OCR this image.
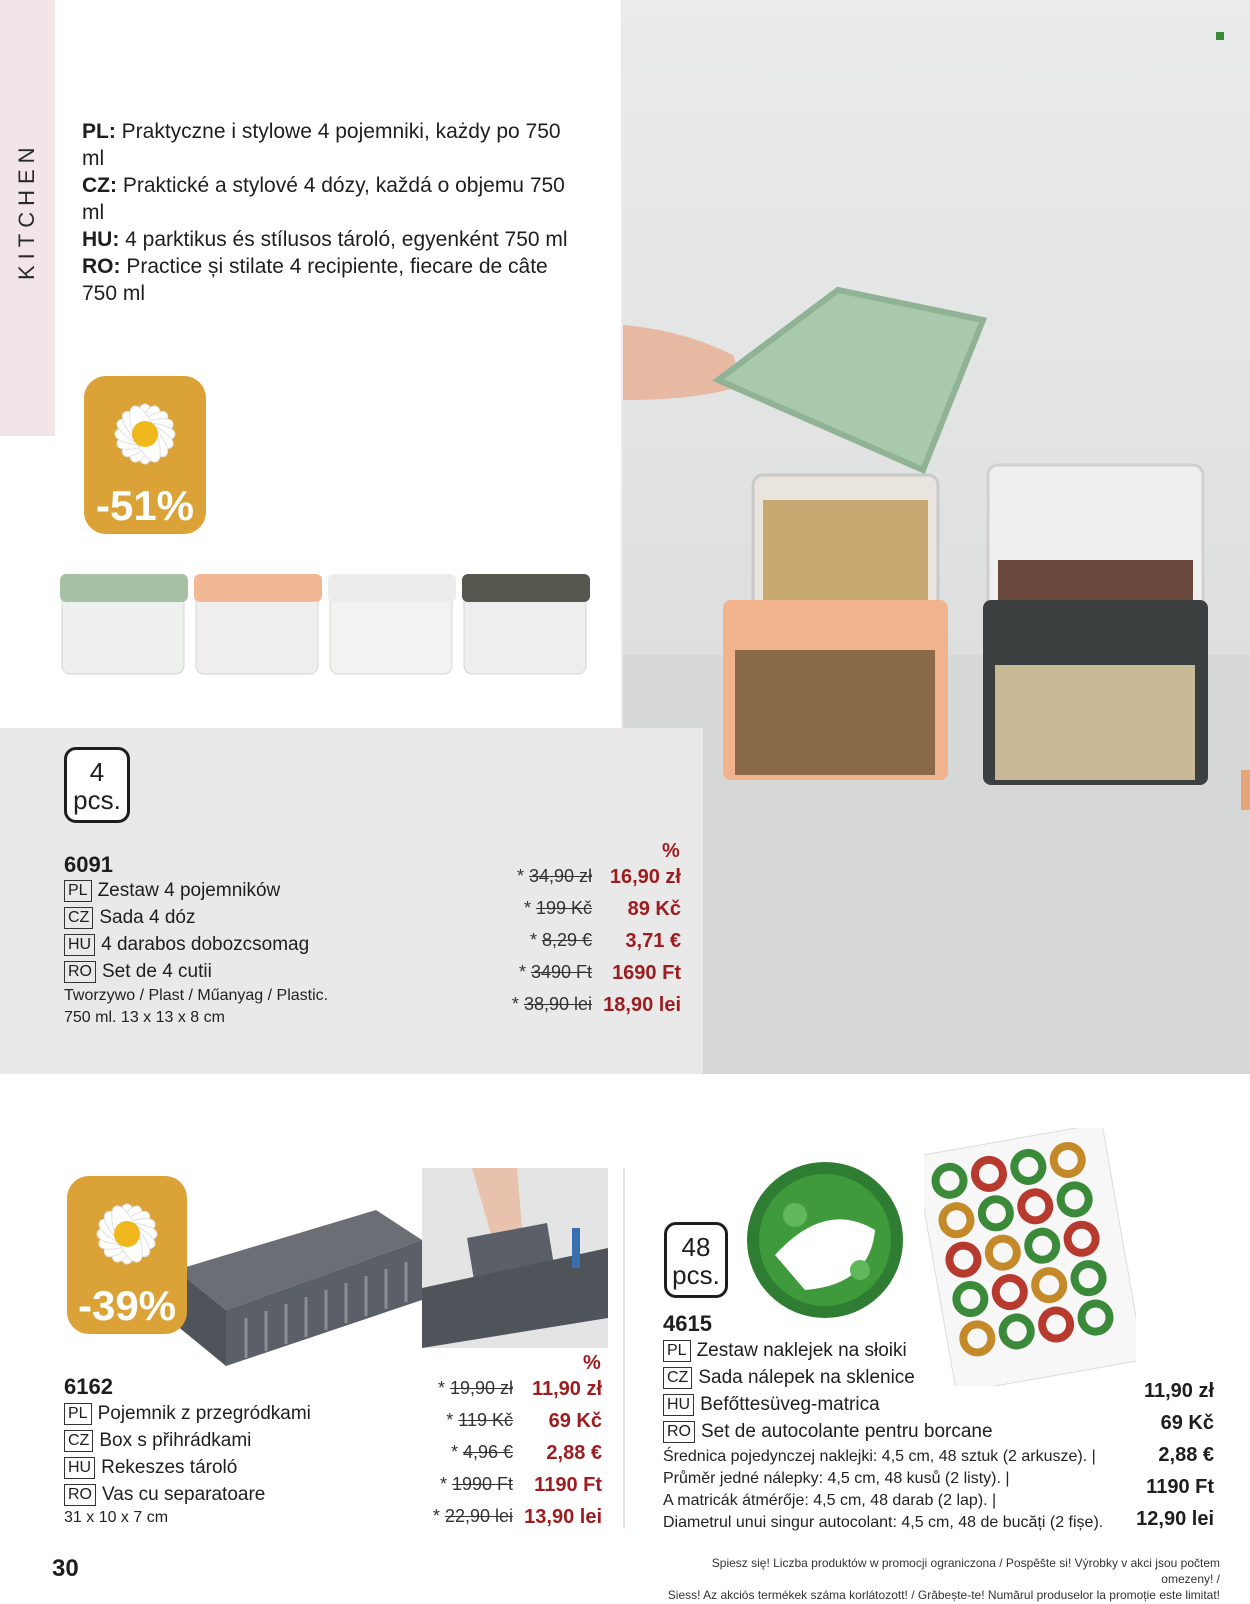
KITCHEN
PL: Praktyczne i stylowe 4 pojemniki, każdy po 750 ml
CZ: Praktické a stylové 4 dózy, každá o objemu 750 ml
HU: 4 parktikus és stílusos tároló, egyenként 750 ml
RO: Practice și stilate 4 recipiente, fiecare de câte 750 ml
-51%
4
pcs.
6091
PL Zestaw 4 pojemników
CZ Sada 4 dóz
HU 4 darabos dobozcsomag
RO Set de 4 cutii
Tworzywo / Plast / Műanyag / Plastic.
750 ml. 13 x 13 x 8 cm
%
* 34,90 zł
* 199 Kč
* 8,29 €
* 3490 Ft
* 38,90 lei
16,90 zł
89 Kč
3,71 €
1690 Ft
18,90 lei
-39%
6162
PL Pojemnik z przegródkami
CZ Box s přihrádkami
HU Rekeszes tároló
RO Vas cu separatoare
31 x 10 x 7 cm
%
* 19,90 zł
* 119 Kč
* 4,96 €
* 1990 Ft
* 22,90 lei
11,90 zł
69 Kč
2,88 €
1190 Ft
13,90 lei
48
pcs.
4615
PL Zestaw naklejek na słoiki
CZ Sada nálepek na sklenice
HU Befőttesüveg-matrica
RO Set de autocolante pentru borcane
Średnica pojedynczej naklejki: 4,5 cm, 48 sztuk (2 arkusze). |
Průměr jedné nálepky: 4,5 cm, 48 kusů (2 listy). |
A matricák átmérője: 4,5 cm, 48 darab (2 lap). |
Diametrul unui singur autocolant: 4,5 cm, 48 de bucăți (2 fișe).
11,90 zł
69 Kč
2,88 €
1190 Ft
12,90 lei
30	Spiesz się! Liczba produktów w promocji ograniczona / Pospěšte si! Výrobky v akci jsou počtem omezeny! /
Siess! Az akciós termékek száma korlátozott! / Grăbește-te! Numărul produselor la promoție este limitat!
